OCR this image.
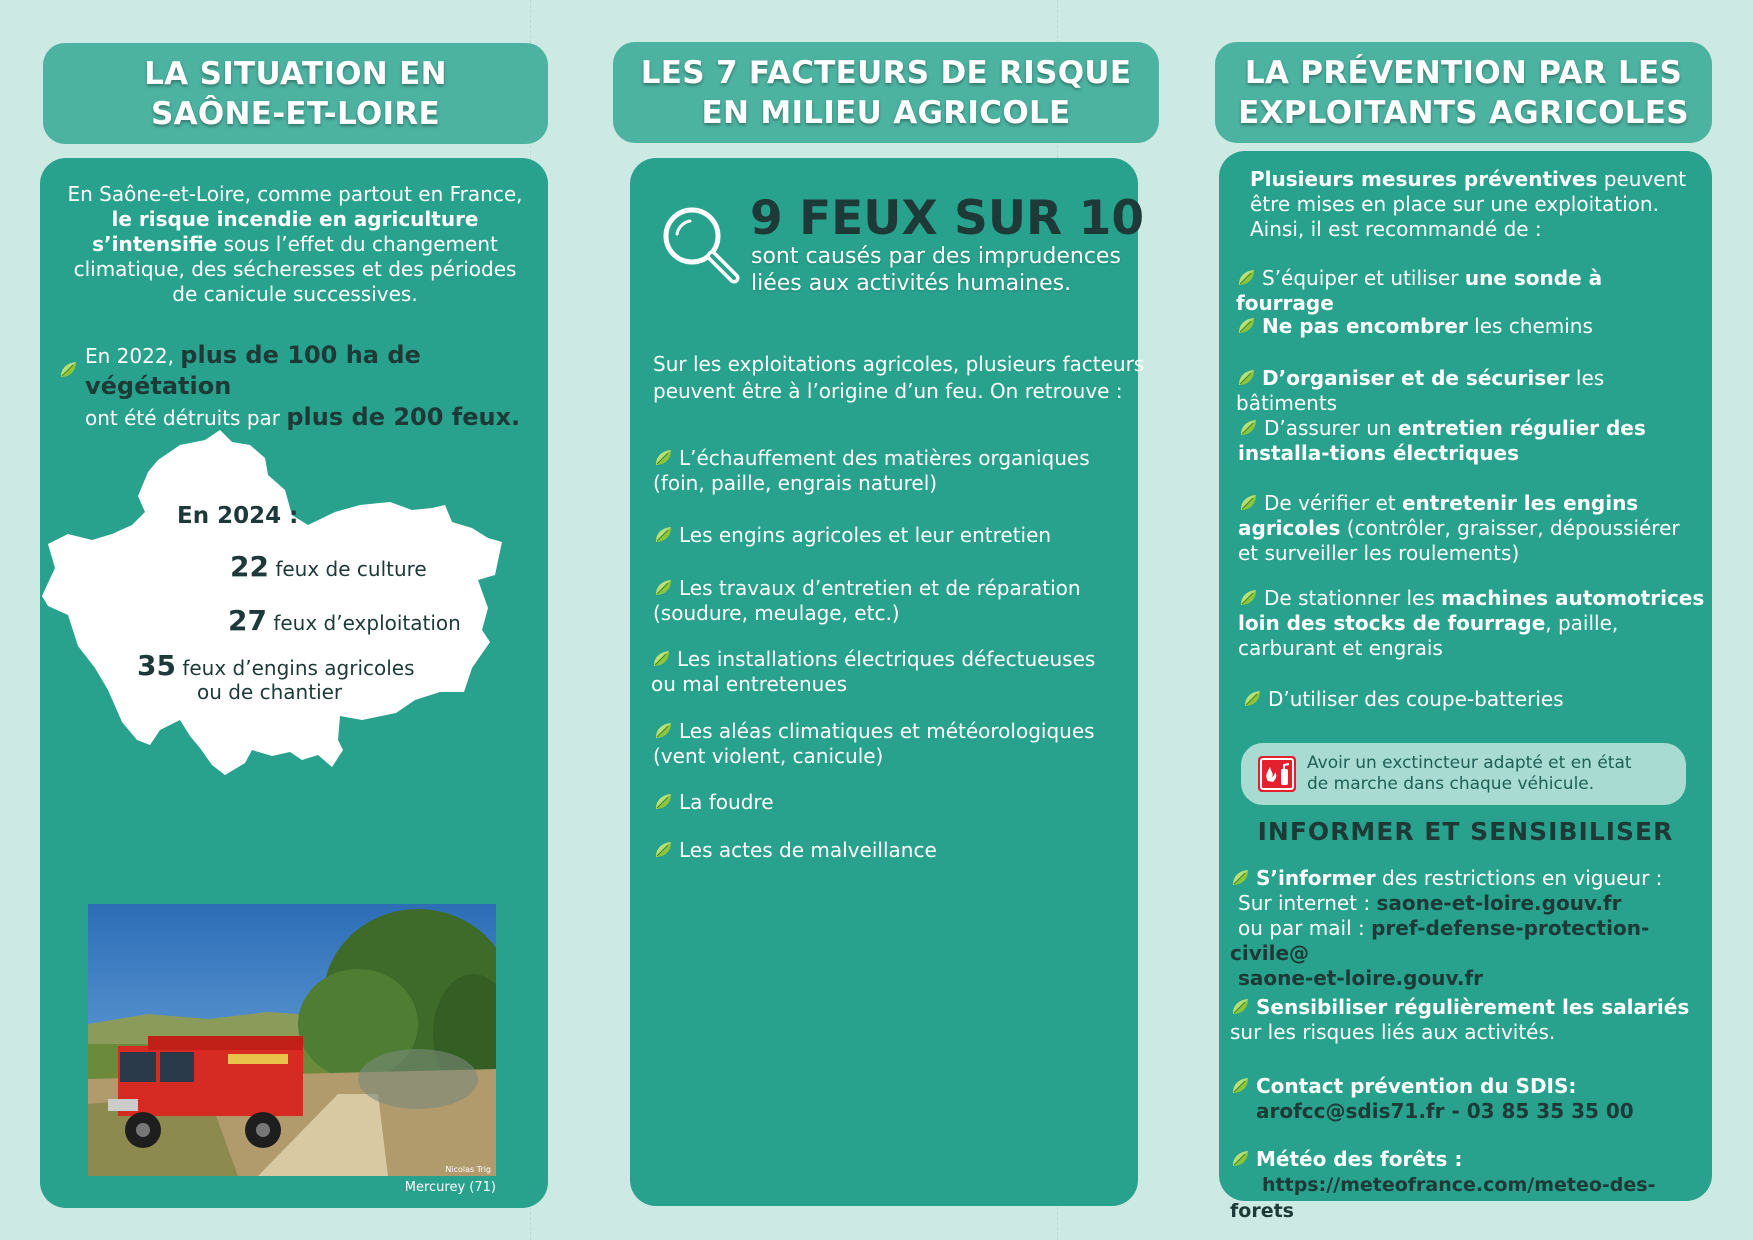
LA SITUATION EN
SAÔNE-ET-LOIRE
En Saône-et-Loire, comme partout en France, le risque incendie en agriculture s’intensifie sous l’effet du changement climatique, des sécheresses et des périodes de canicule successives.
En 2022, plus de 100 ha de végétation
ont été détruits par plus de 200 feux.
En 2024 :
22 feux de culture
27 feux d’exploitation
35 feux d’engins agricoles
ou de chantier
Nicolas Trig
Mercurey (71)
LES 7 FACTEURS DE RISQUE
EN MILIEU AGRICOLE
9 FEUX SUR 10
sont causés par des imprudences
liées aux activités humaines.
Sur les exploitations agricoles, plusieurs facteurs
peuvent être à l’origine d’un feu. On retrouve :
L’échauffement des matières organiques
(foin, paille, engrais naturel)
Les engins agricoles et leur entretien
Les travaux d’entretien et de réparation
(soudure, meulage, etc.)
Les installations électriques défectueuses
ou mal entretenues
Les aléas climatiques et météorologiques
(vent violent, canicule)
La foudre
Les actes de malveillance
LA PRÉVENTION PAR LES
EXPLOITANTS AGRICOLES
Plusieurs mesures préventives peuvent être mises en place sur une exploitation. Ainsi, il est recommandé de :
S’équiper et utiliser une sonde à fourrage
Ne pas encombrer les chemins
D’organiser et de sécuriser les bâtiments
D’assurer un entretien régulier des installa-tions électriques
De vérifier et entretenir les engins agricoles (contrôler, graisser, dépoussiérer et surveiller les roulements)
De stationner les machines automotrices loin des stocks de fourrage, paille, carburant et engrais
D’utiliser des coupe-batteries
Avoir un exctincteur adapté et en état
de marche dans chaque véhicule.
INFORMER ET SENSIBILISER
S’informer des restrictions en vigueur :
Sur internet : saone-et-loire.gouv.fr
ou par mail : pref-defense-protection-civile@
saone-et-loire.gouv.fr
Sensibiliser régulièrement les salariés sur les risques liés aux activités.
Contact prévention du SDIS:
arofcc@sdis71.fr - 03 85 35 35 00
Météo des forêts :
https://meteofrance.com/meteo-des-forets
